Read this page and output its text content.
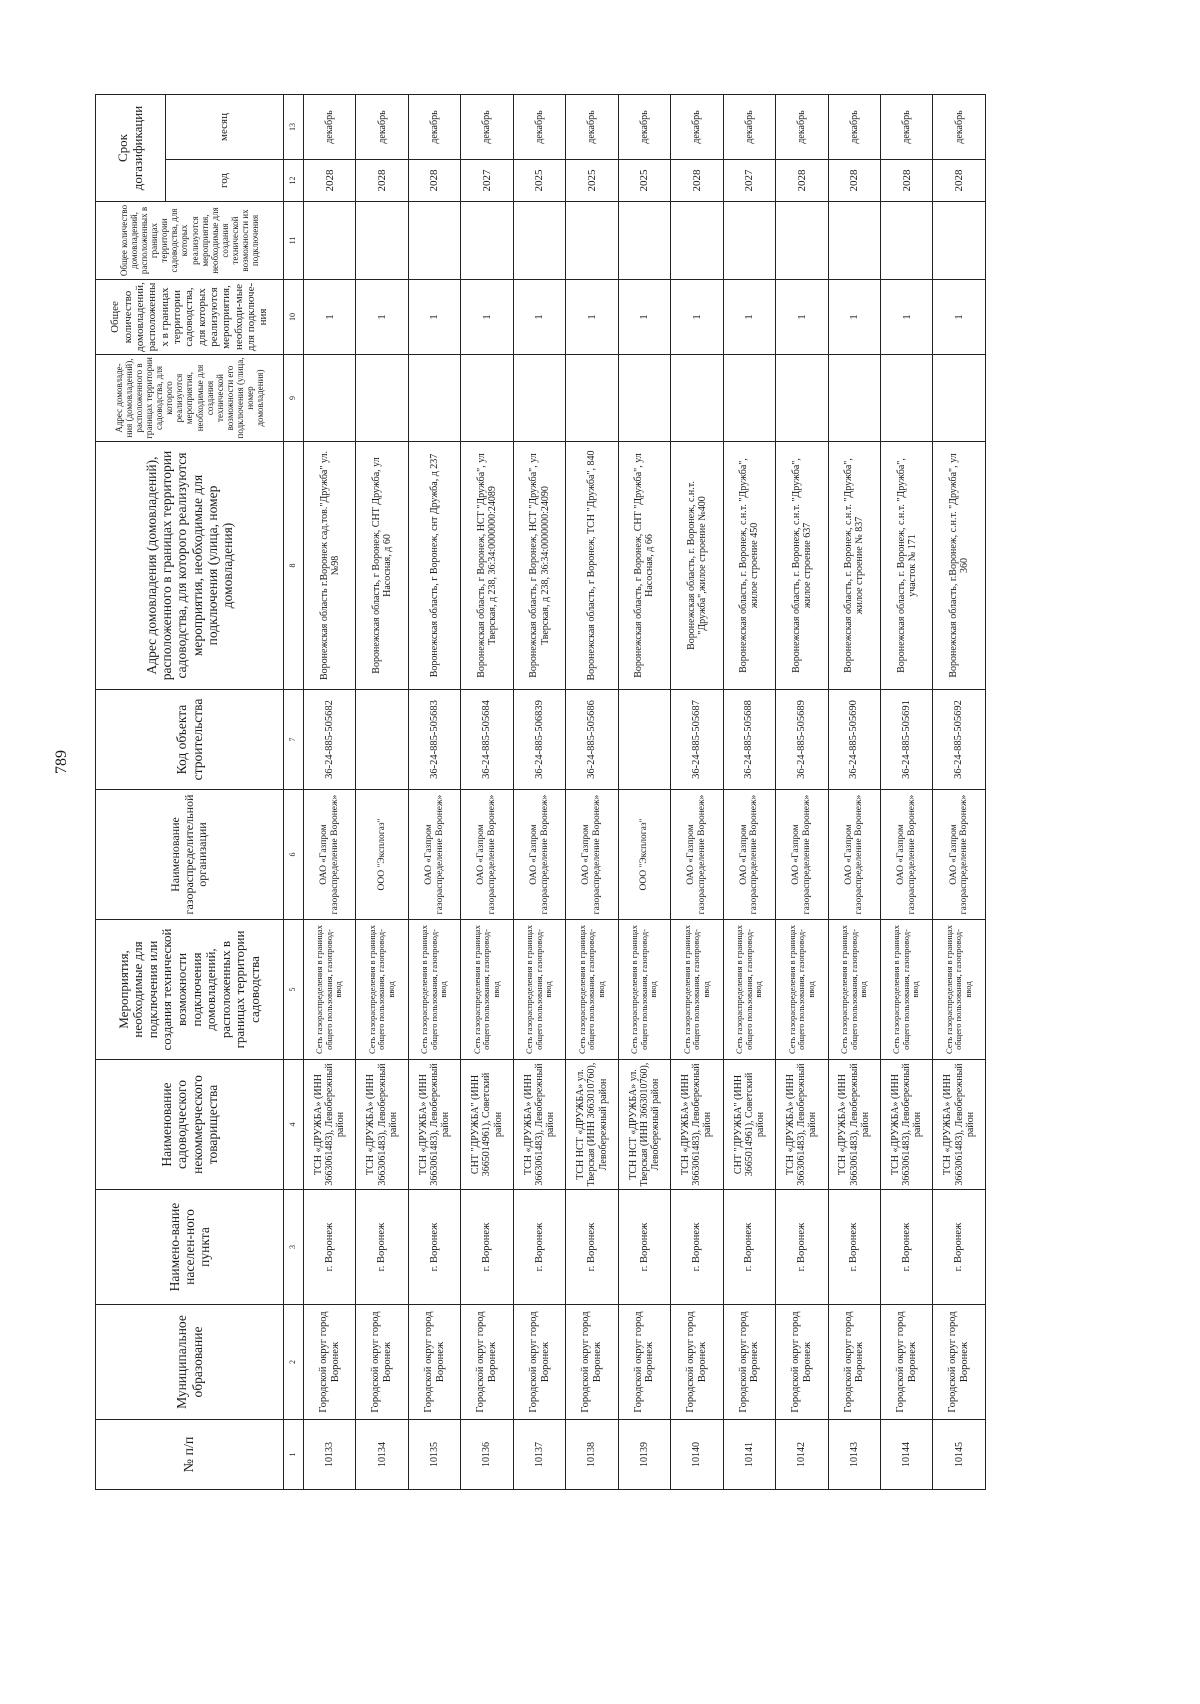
789
№ п/п	Муниципальное образование	Наимено-вание населен-ного пункта	Наименование садоводческого некоммерческого товарищества	Мероприятия, необходимые для подключения или создания технической возможности подключения домовладений, расположенных в границах территории садоводства	Наименование газораспределительной организации	Код объекта строительства	Адрес домовладения (домовладений), расположенного в границах территории садоводства, для которого реализуются мероприятия, необходимые для подключения (улица, номер домовладения)	Адрес домовладе-ния (домовладений), расположенного в границах территории садоводства, для которого реализуются мероприятия, необходимые для создания технической возможности его подключения (улица, номер домовладения)	Общее количество домовладений, расположенных в границах территории садоводства, для которых реализуются мероприятия, необходи-мые для подключе-ния	Общее количество домовладений, расположенных в границах территории садоводства, для которых реализуются мероприятия, необходимые для создания технической возможности их подключения	Срок догазификации	
											год	месяц
1	2	3	4	5	6	7	8	9	10	11	12	13
10133	Городской округ город Воронеж	г. Воронеж	ТСН «ДРУЖБА» (ИНН 3663061483), Левобережный район	Сеть газораспределения в границах общего пользования, газопровод-ввод	ОАО «Газпром газораспределение Воронеж»	36-24-885-505682	Воронежская область г.Воронеж сад.тов."Дружба" ул.№98		1		2028	декабрь
10134	Городской округ город Воронеж	г. Воронеж	ТСН «ДРУЖБА» (ИНН 3663061483), Левобережный район	Сеть газораспределения в границах общего пользования, газопровод-ввод	ООО "Эксплогаз"		Воронежская область, г Воронеж, СНТ Дружба, ул Насосная, д 60		1		2028	декабрь
10135	Городской округ город Воронеж	г. Воронеж	ТСН «ДРУЖБА» (ИНН 3663061483), Левобережный район	Сеть газораспределения в границах общего пользования, газопровод-ввод	ОАО «Газпром газораспределение Воронеж»	36-24-885-505683	Воронежская область, г Воронеж, снт Дружба, д 237		1		2028	декабрь
10136	Городской округ город Воронеж	г. Воронеж	СНТ "ДРУЖБА" (ИНН 3665014961), Советский район	Сеть газораспределения в границах общего пользования, газопровод-ввод	ОАО «Газпром газораспределение Воронеж»	36-24-885-505684	Воронежская область, г Воронеж, НСТ "Дружба", ул Тверская, д 238, 36:34:0000000:24089		1		2027	декабрь
10137	Городской округ город Воронеж	г. Воронеж	ТСН «ДРУЖБА» (ИНН 3663061483), Левобережный район	Сеть газораспределения в границах общего пользования, газопровод-ввод	ОАО «Газпром газораспределение Воронеж»	36-24-885-506839	Воронежская область, г Воронеж, НСТ "Дружба", ул Тверская, д 238, 36:34:0000000:24090		1		2025	декабрь
10138	Городской округ город Воронеж	г. Воронеж	ТСН НСТ «ДРУЖБА» ул. Тверская (ИНН 3663010760), Левобережный район	Сеть газораспределения в границах общего пользования, газопровод-ввод	ОАО «Газпром газораспределение Воронеж»	36-24-885-505686	Воронежская область, г Воронеж, ТСН "Дружба", 840		1		2025	декабрь
10139	Городской округ город Воронеж	г. Воронеж	ТСН НСТ «ДРУЖБА» ул. Тверская (ИНН 3663010760), Левобережный район	Сеть газораспределения в границах общего пользования, газопровод-ввод	ООО "Эксплогаз"		Воронежская область, г Воронеж, СНТ "Дружба", ул Насосная, д 66		1		2025	декабрь
10140	Городской округ город Воронеж	г. Воронеж	ТСН «ДРУЖБА» (ИНН 3663061483), Левобережный район	Сеть газораспределения в границах общего пользования, газопровод-ввод	ОАО «Газпром газораспределение Воронеж»	36-24-885-505687	Воронежская область, г. Воронеж, с.н.т. "Дружба",жилое строение №400		1		2028	декабрь
10141	Городской округ город Воронеж	г. Воронеж	СНТ "ДРУЖБА" (ИНН 3665014961), Советский район	Сеть газораспределения в границах общего пользования, газопровод-ввод	ОАО «Газпром газораспределение Воронеж»	36-24-885-505688	Воронежская область, г. Воронеж, с.н.т. "Дружба", жилое строение 450		1		2027	декабрь
10142	Городской округ город Воронеж	г. Воронеж	ТСН «ДРУЖБА» (ИНН 3663061483), Левобережный район	Сеть газораспределения в границах общего пользования, газопровод-ввод	ОАО «Газпром газораспределение Воронеж»	36-24-885-505689	Воронежская область, г. Воронеж, с.н.т. "Дружба", жилое строение 637		1		2028	декабрь
10143	Городской округ город Воронеж	г. Воронеж	ТСН «ДРУЖБА» (ИНН 3663061483), Левобережный район	Сеть газораспределения в границах общего пользования, газопровод-ввод	ОАО «Газпром газораспределение Воронеж»	36-24-885-505690	Воронежская область, г. Воронеж, с.н.т. "Дружба", жилое строение № 837		1		2028	декабрь
10144	Городской округ город Воронеж	г. Воронеж	ТСН «ДРУЖБА» (ИНН 3663061483), Левобережный район	Сеть газораспределения в границах общего пользования, газопровод-ввод	ОАО «Газпром газораспределение Воронеж»	36-24-885-505691	Воронежская область, г. Воронеж, с.н.т. "Дружба", участок № 171		1		2028	декабрь
10145	Городской округ город Воронеж	г. Воронеж	ТСН «ДРУЖБА» (ИНН 3663061483), Левобережный район	Сеть газораспределения в границах общего пользования, газопровод-ввод	ОАО «Газпром газораспределение Воронеж»	36-24-885-505692	Воронежская область, г.Воронеж, с.н.т. "Дружба", ул 360		1		2028	декабрь
